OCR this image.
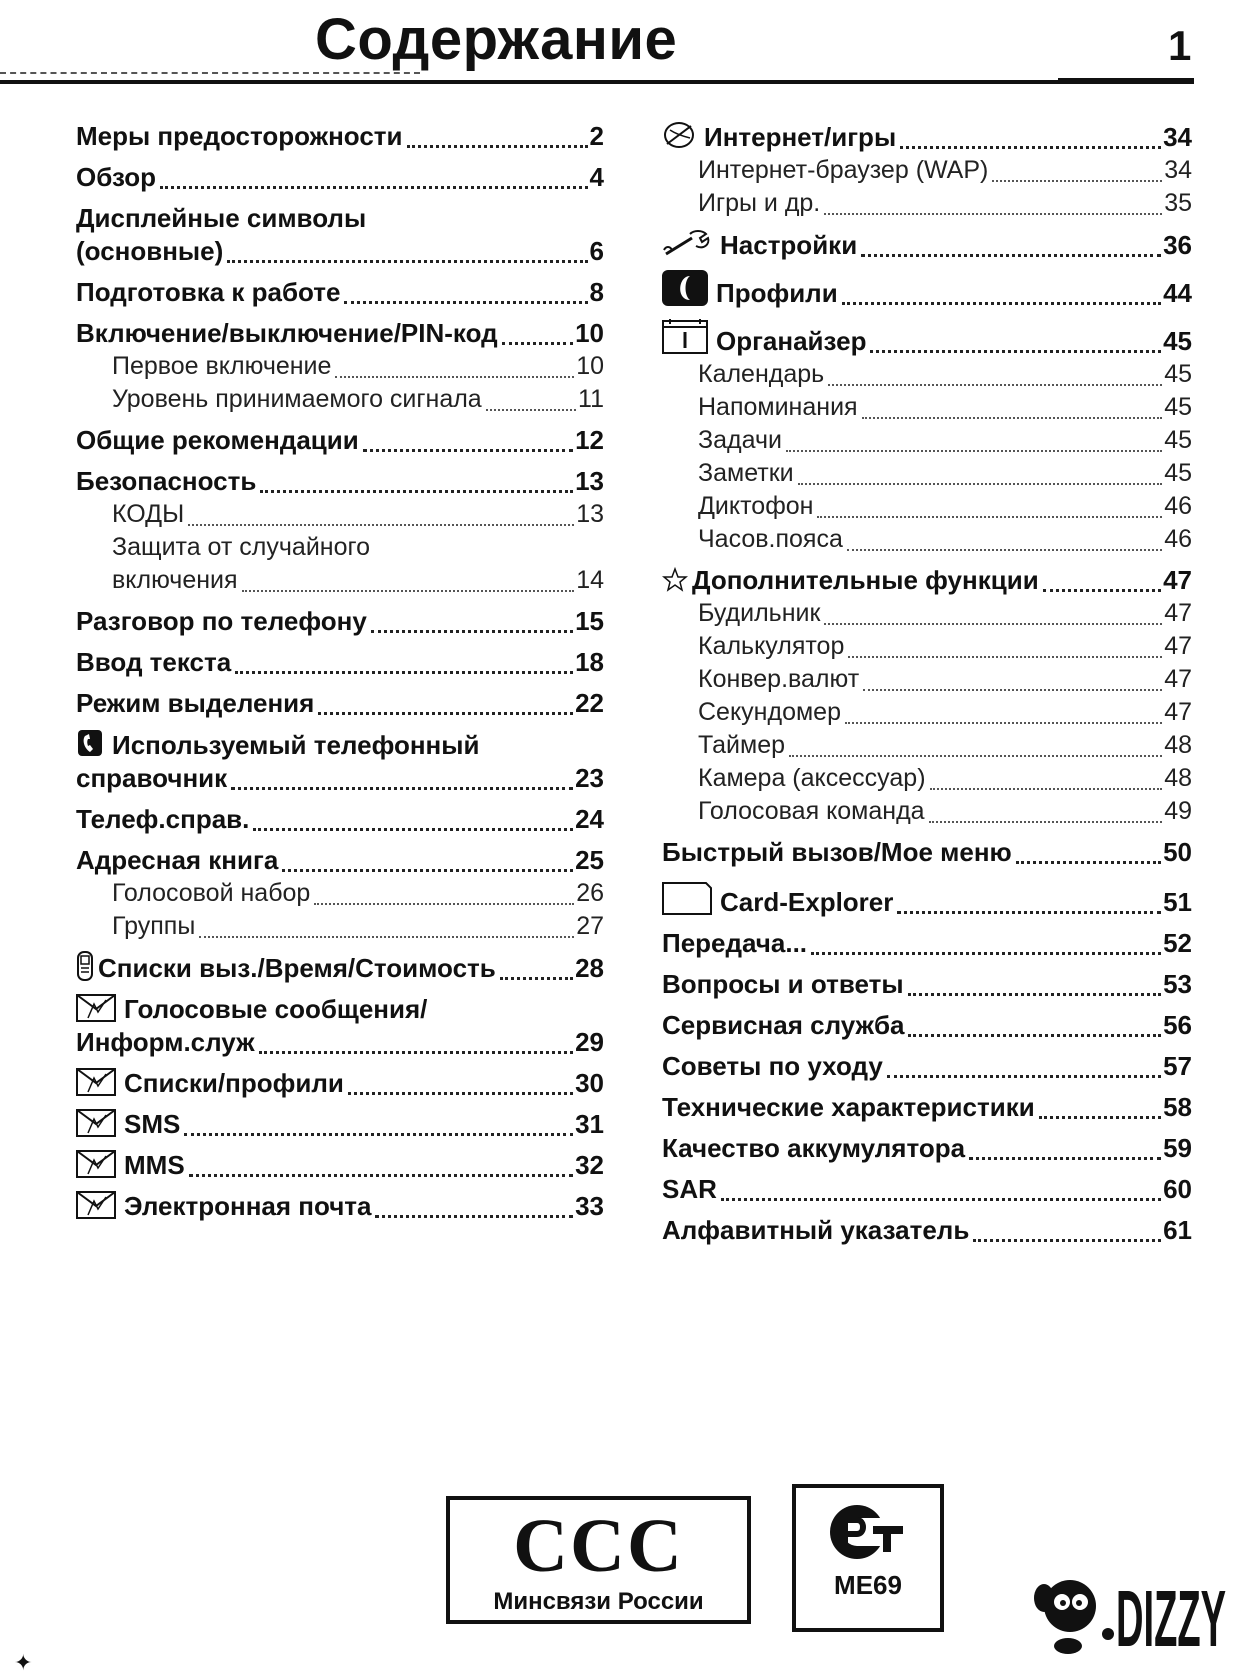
Содержание	1
Меры предосторожности	2
Обзор	4
Дисплейные символы
(основные)	6
Подготовка к работе	8
Включение/выключение/PIN-код	10
Первое включение	10
Уровень принимаемого сигнала	11
Общие рекомендации	12
Безопасность	13
КОДЫ	13
Защита от случайного
включения	14
Разговор по телефону	15
Ввод текста	18
Режим выделения	22
Используемый телефонный
справочник	23
Телеф.справ.	24
Адресная книга	25
Голосовой набор	26
Группы	27
Списки выз./Время/Стоимость	28
Голосовые сообщения/
Информ.служ	29
Списки/профили	30
SMS	31
MMS	32
Электронная почта	33
Интернет/игры	34
Интернет-браузер (WAP)	34
Игры и др.	35
Настройки	36
Профили	44
Органайзер	45
Календарь	45
Напоминания	45
Задачи	45
Заметки	45
Диктофон	46
Часов.пояса	46
Дополнительные функции	47
Будильник	47
Калькулятор	47
Конвер.валют	47
Секундомер	47
Таймер	48
Камера (аксессуар)	48
Голосовая команда	49
Быстрый вызов/Мое меню	50
Card-Explorer	51
Передача...	52
Вопросы и ответы	53
Сервисная служба	56
Советы по уходу	57
Технические характеристики	58
Качество аккумулятора	59
SAR	60
Алфавитный указатель	61
CCC
Минсвязи России
ME69	DIZZY
✦
